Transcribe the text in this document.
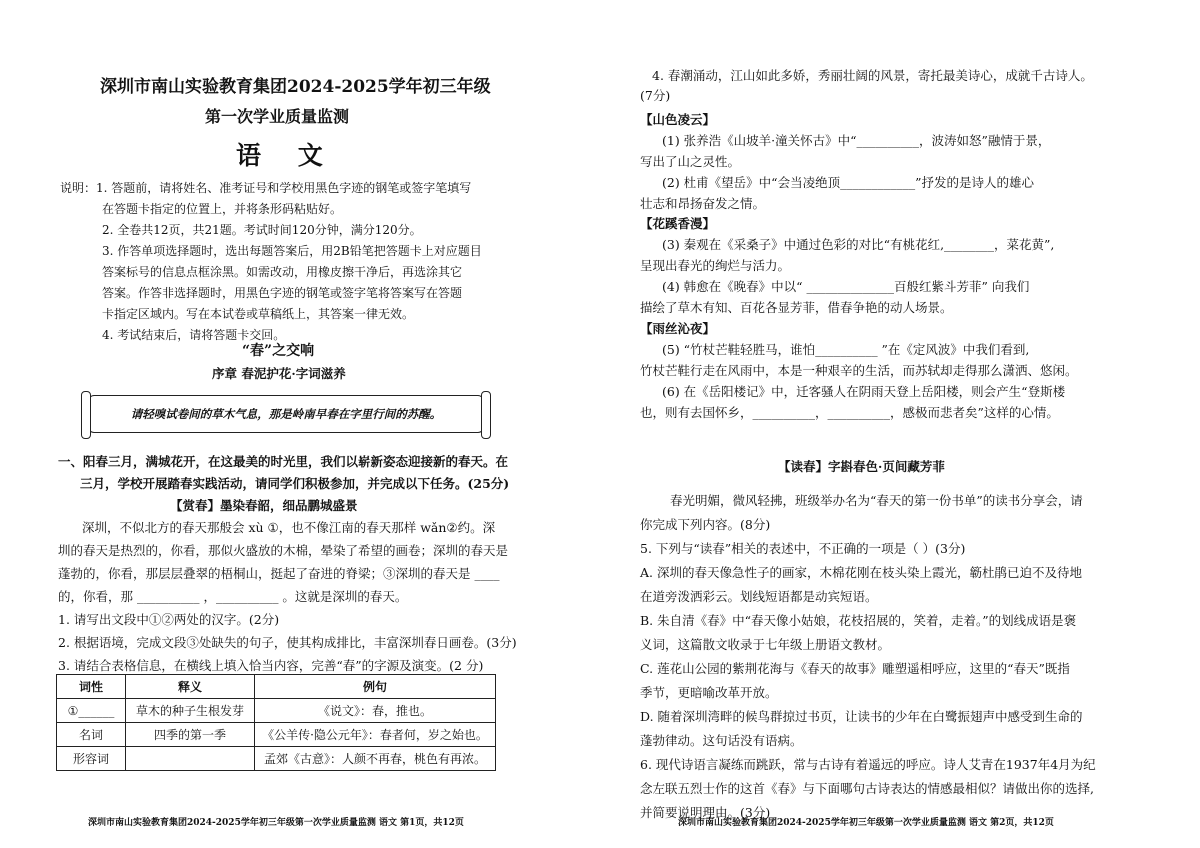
深圳市南山实验教育集团2024-2025学年初三年级
第一次学业质量监测
语 文
说明：1. 答题前，请将姓名、准考证号和学校用黑色字迹的钢笔或签字笔填写
在答题卡指定的位置上，并将条形码粘贴好。
2. 全卷共12页，共21题。考试时间120分钟，满分120分。
3. 作答单项选择题时，选出每题答案后，用2B铅笔把答题卡上对应题目
答案标号的信息点框涂黑。如需改动，用橡皮擦干净后，再选涂其它
答案。作答非选择题时，用黑色字迹的钢笔或签字笔将答案写在答题
卡指定区域内。写在本试卷或草稿纸上，其答案一律无效。
4. 考试结束后，请将答题卡交回。
“春”之交响
序章 春泥护花·字词滋养
请轻嗅试卷间的草木气息，那是岭南早春在字里行间的苏醒。

一、阳春三月，满城花开，在这最美的时光里，我们以崭新姿态迎接新的春天。在

三月，学校开展踏春实践活动，请同学们积极参加，并完成以下任务。(25分)

【赏春】墨染春韶，细品鹏城盛景

深圳，不似北方的春天那般会 xù ①，也不像江南的春天那样 wǎn②约。深

圳的春天是热烈的，你看，那似火盛放的木棉，晕染了希望的画卷；深圳的春天是

蓬勃的，你看，那层层叠翠的梧桐山，挺起了奋进的脊梁；③深圳的春天是 ____

的，你看，那 __________ ，__________ 。这就是深圳的春天。

1. 请写出文段中①②两处的汉字。(2分)

2. 根据语境，完成文段③处缺失的句子，使其构成排比，丰富深圳春日画卷。(3分)

3. 请结合表格信息，在横线上填入恰当内容，完善“春”的字源及演变。(2 分)

词性	释义	例句
①______	草木的种子生根发芽	《说文》：春，推也。
名词	四季的第一季	《公羊传·隐公元年》：春者何，岁之始也。
形容词		孟郊《古意》：人颜不再春，桃色有再浓。
深圳市南山实验教育集团2024-2025学年初三年级第一次学业质量监测 语文 第1页，共12页

4. 春潮涌动，江山如此多娇，秀丽壮阔的风景，寄托最美诗心，成就千古诗人。

(7分)

【山色凌云】

(1) 张养浩《山坡羊·潼关怀古》中“__________，波涛如怒”融情于景，

写出了山之灵性。

(2) 杜甫《望岳》中“会当凌绝顶____________”抒发的是诗人的雄心

壮志和昂扬奋发之情。

【花蹊香漫】

(3) 秦观在《采桑子》中通过色彩的对比“有桃花红,________，菜花黄”,

呈现出春光的绚烂与活力。

(4) 韩愈在《晚春》中以“ ______________百般红紫斗芳菲” 向我们

描绘了草木有知、百花各显芳菲，借春争艳的动人场景。

【雨丝沁夜】

(5) “竹杖芒鞋轻胜马，谁怕__________ ”在《定风波》中我们看到,

竹杖芒鞋行走在风雨中，本是一种艰辛的生活，而苏轼却走得那么潇洒、悠闲。

(6) 在《岳阳楼记》中，迁客骚人在阴雨天登上岳阳楼，则会产生“登斯楼

也，则有去国怀乡，__________，__________，感极而悲者矣”这样的心情。

【读春】字斟春色·页间藏芳菲

春光明媚，微风轻拂，班级举办名为“春天的第一份书单”的读书分享会，请

你完成下列内容。(8分)

5. 下列与“读春”相关的表述中，不正确的一项是（ ）(3分)

A. 深圳的春天像急性子的画家，木棉花刚在枝头染上霞光，簕杜鹃已迫不及待地

在道旁泼洒彩云。划线短语都是动宾短语。

B. 朱自清《春》中“春天像小姑娘，花枝招展的，笑着，走着。”的划线成语是褒

义词，这篇散文收录于七年级上册语文教材。

C. 莲花山公园的紫荆花海与《春天的故事》雕塑遥相呼应，这里的“春天”既指

季节，更暗喻改革开放。

D. 随着深圳湾畔的候鸟群掠过书页，让读书的少年在白鹭振翅声中感受到生命的

蓬勃律动。这句话没有语病。

6. 现代诗语言凝练而跳跃，常与古诗有着遥远的呼应。诗人艾青在1937年4月为纪

念左联五烈士作的这首《春》与下面哪句古诗表达的情感最相似？请做出你的选择,

并简要说明理由。(3分)

深圳市南山实验教育集团2024-2025学年初三年级第一次学业质量监测 语文 第2页，共12页
